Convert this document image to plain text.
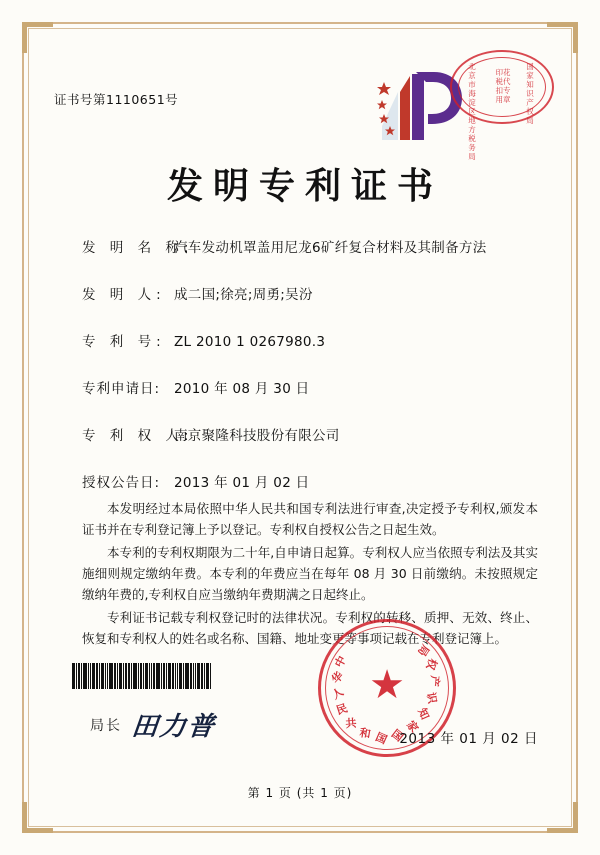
证书号第1110651号
北京市海淀区地方税务局
印花税代扣专用章
国家知识产权局
发明专利证书
发 明 名 称:
汽车发动机罩盖用尼龙6矿纤复合材料及其制备方法
发 明 人: 成二国;徐亮;周勇;吴汾
专 利 号: ZL 2010 1 0267980.3
专利申请日:	2010 年 08 月 30 日
专 利 权 人:
南京聚隆科技股份有限公司
授权公告日:	2013 年 01 月 02 日

本发明经过本局依照中华人民共和国专利法进行审查,决定授予专利权,颁发本证书并在专利登记簿上予以登记。专利权自授权公告之日起生效。

本专利的专利权期限为二十年,自申请日起算。专利权人应当依照专利法及其实施细则规定缴纳年费。本专利的年费应当在每年 08 月 30 日前缴纳。未按照规定缴纳年费的,专利权自应当缴纳年费期满之日起终止。

专利证书记载专利权登记时的法律状况。专利权的转移、质押、无效、终止、恢复和专利权人的姓名或名称、国籍、地址变更等事项记载在专利登记簿上。

局长 田力普
★
中
华
人
民
共
和 国 国
家
知
识
产
权
局
2013 年 01 月 02 日
第 1 页 (共 1 页)
